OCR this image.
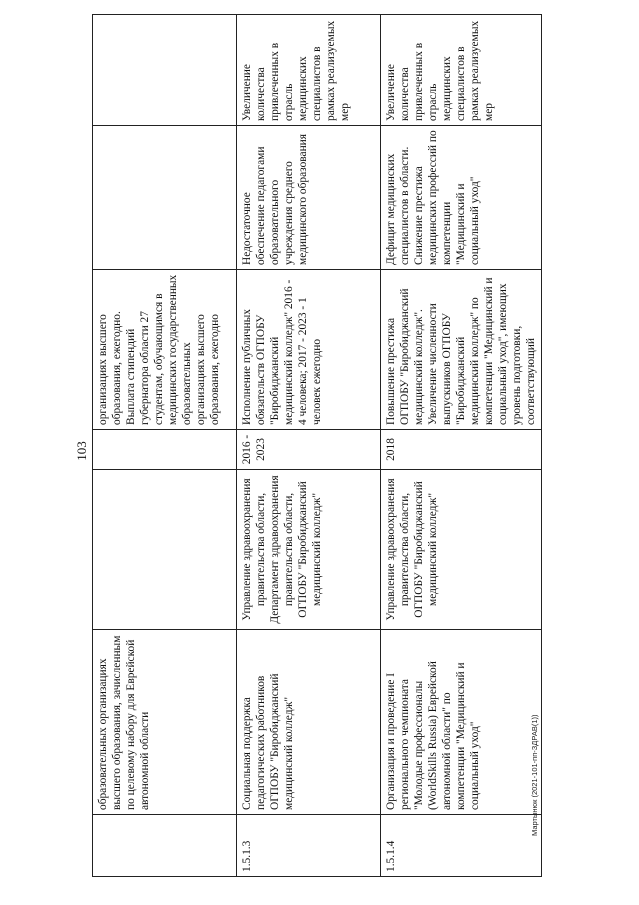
103
	образовательных организациях высшего образования, зачисленным по целевому набору для Еврейской автономной области			организациях высшего образования, ежегодно. Выплата стипендий губернатора области 27 студентам, обучающимся в медицинских государственных образовательных организациях высшего образования, ежегодно		
1.5.1.3	Социальная поддержка педагогических работников ОГПОБУ "Биробиджанский медицинский колледж"	Управление здравоохранения правительства области, Департамент здравоохранения правительства области, ОГПОБУ "Биробиджанский медицинский колледж"	2016 - 2023	Исполнение публичных обязательств ОГПОБУ "Биробиджанский медицинский колледж" 2016 - 4 человека; 2017 - 2023 - 1 человек ежегодно	Недостаточное обеспечение педагогами образовательного учреждения среднего медицинского образования	Увеличение количества привлеченных в отрасль медицинских специалистов в рамках реализуемых мер
1.5.1.4	Организация и проведение I регионального чемпионата "Молодые профессионалы (WorldSkills Russia) Еврейской автономной области" по компетенции "Медицинский и социальный уход"	Управление здравоохранения правительства области, ОГПОБУ "Биробиджанский медицинский колледж"	2018	Повышение престижа ОГПОБУ "Биробиджанский медицинский колледж". Увеличение численности выпускников ОГПОБУ "Биробиджанский медицинский колледж" по компетенции "Медицинский и социальный уход", имеющих уровень подготовки, соответствующий	Дефицит медицинских специалистов в области. Снижение престижа медицинских профессий по компетенции "Медицинский и социальный уход"	Увеличение количества привлеченных в отрасль медицинских специалистов в рамках реализуемых мер
Мартынюк (2021-101-пп-ЗДРАВ(1))
